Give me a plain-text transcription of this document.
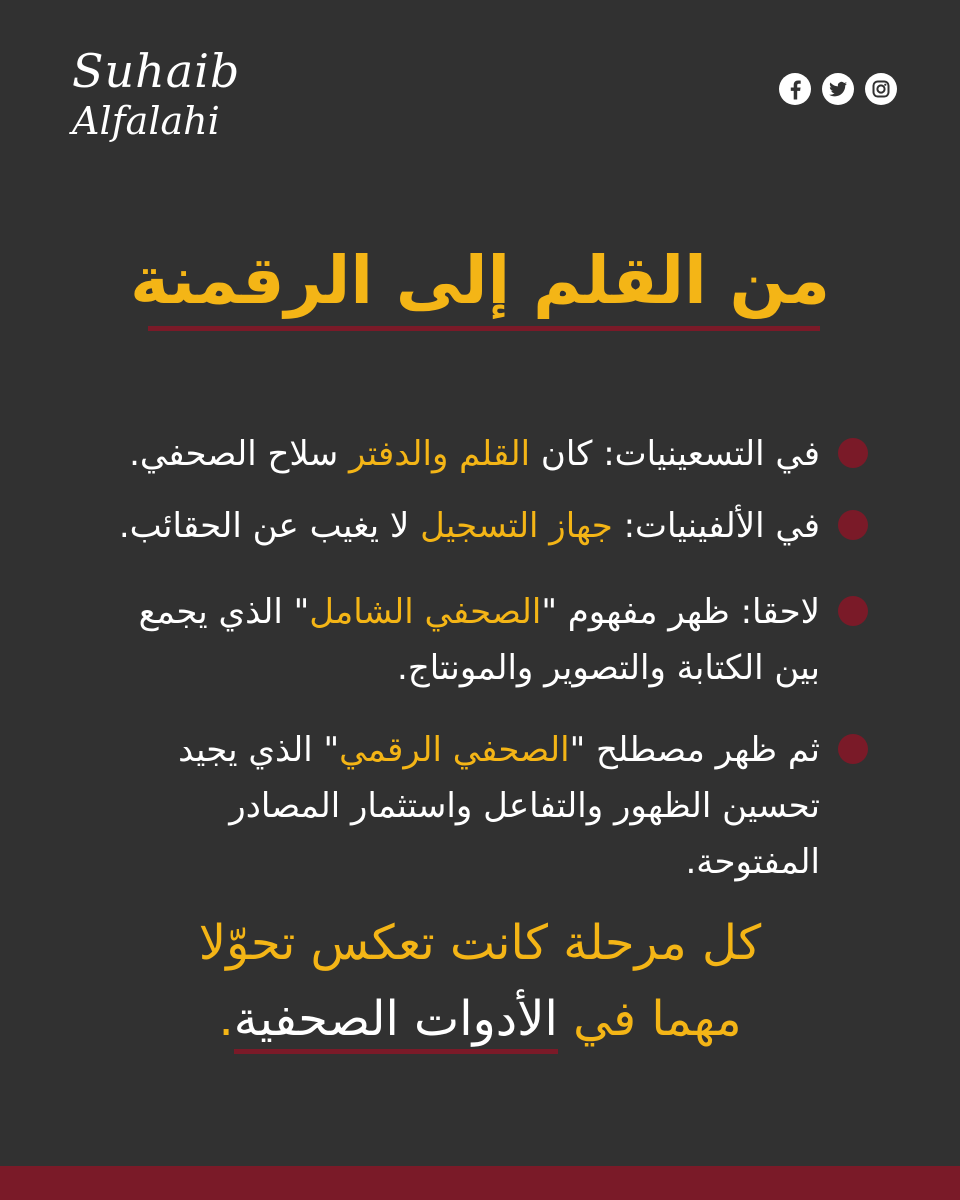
Suhaib
Alfalahi
من القلم إلى الرقمنة
في التسعينيات: كان القلم والدفتر سلاح الصحفي.
في الألفينيات: جهاز التسجيل لا يغيب عن الحقائب.
لاحقا: ظهر مفهوم "الصحفي الشامل" الذي يجمع بين الكتابة والتصوير والمونتاج.
ثم ظهر مصطلح "الصحفي الرقمي" الذي يجيد تحسين الظهور والتفاعل واستثمار المصادر المفتوحة.
كل مرحلة كانت تعكس تحوّلا
مهما في الأدوات الصحفية.
